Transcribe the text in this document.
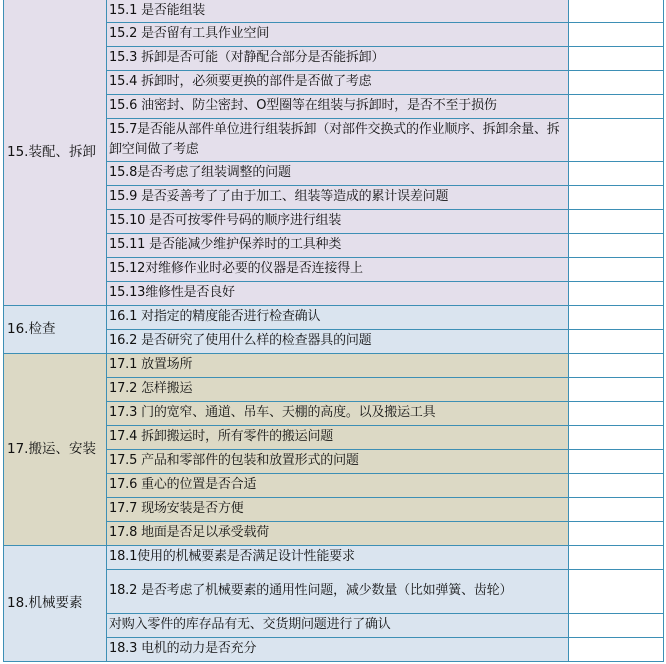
15.装配、拆卸	15.1 是否能组装	
	15.2 是否留有工具作业空间	
	15.3 拆卸是否可能（对静配合部分是否能拆卸）	
	15.4 拆卸时，必须要更换的部件是否做了考虑	
	15.6 油密封、防尘密封、O型圈等在组装与拆卸时，是否不至于损伤	
	15.7是否能从部件单位进行组装拆卸（对部件交换式的作业顺序、拆卸余量、拆卸空间做了考虑	
	15.8是否考虑了组装调整的问题	
	15.9 是否妥善考了了由于加工、组装等造成的累计误差问题	
	15.10 是否可按零件号码的顺序进行组装	
	15.11 是否能减少维护保养时的工具种类	
	15.12对维修作业时必要的仪器是否连接得上	
	15.13维修性是否良好	
16.检查	16.1 对指定的精度能否进行检查确认	
	16.2 是否研究了使用什么样的检查器具的问题	
17.搬运、安装	17.1 放置场所	
	17.2 怎样搬运	
	17.3 门的宽窄、通道、吊车、天棚的高度。以及搬运工具	
	17.4 拆卸搬运时，所有零件的搬运问题	
	17.5 产品和零部件的包装和放置形式的问题	
	17.6 重心的位置是否合适	
	17.7 现场安装是否方便	
	17.8 地面是否足以承受载荷	
18.机械要素	18.1使用的机械要素是否满足设计性能要求	
	18.2 是否考虑了机械要素的通用性问题，减少数量（比如弹簧、齿轮）	
	对购入零件的库存品有无、交货期问题进行了确认	
	18.3 电机的动力是否充分	
